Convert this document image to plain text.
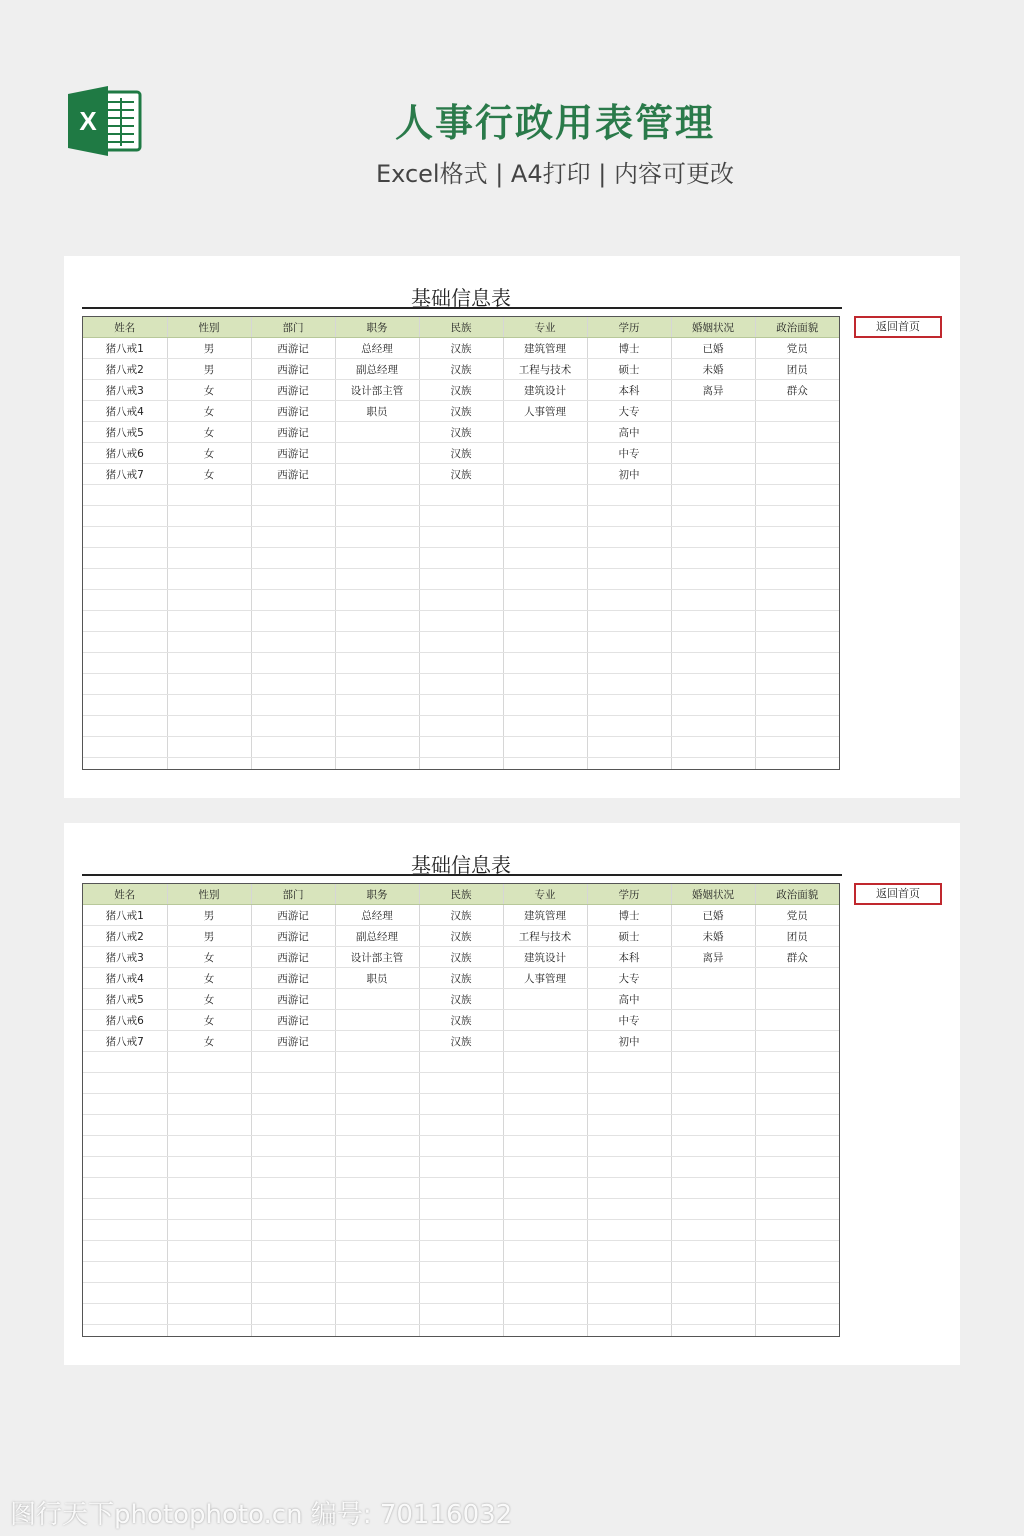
X	人事行政用表管理
Excel格式 | A4打印 | 内容可更改
基础信息表
姓名	性别	部门	职务	民族	专业	学历	婚姻状况	政治面貌
猪八戒1	男	西游记	总经理	汉族	建筑管理	博士	已婚	党员
猪八戒2	男	西游记	副总经理	汉族	工程与技术	硕士	未婚	团员
猪八戒3	女	西游记	设计部主管	汉族	建筑设计	本科	离异	群众
猪八戒4	女	西游记	职员	汉族	人事管理	大专		
猪八戒5	女	西游记		汉族		高中		
猪八戒6	女	西游记		汉族		中专		
猪八戒7	女	西游记		汉族		初中		

返回首页
基础信息表
姓名	性别	部门	职务	民族	专业	学历	婚姻状况	政治面貌
猪八戒1	男	西游记	总经理	汉族	建筑管理	博士	已婚	党员
猪八戒2	男	西游记	副总经理	汉族	工程与技术	硕士	未婚	团员
猪八戒3	女	西游记	设计部主管	汉族	建筑设计	本科	离异	群众
猪八戒4	女	西游记	职员	汉族	人事管理	大专		
猪八戒5	女	西游记		汉族		高中		
猪八戒6	女	西游记		汉族		中专		
猪八戒7	女	西游记		汉族		初中		

返回首页
图行天下photophoto.cn 编号: 70116032
